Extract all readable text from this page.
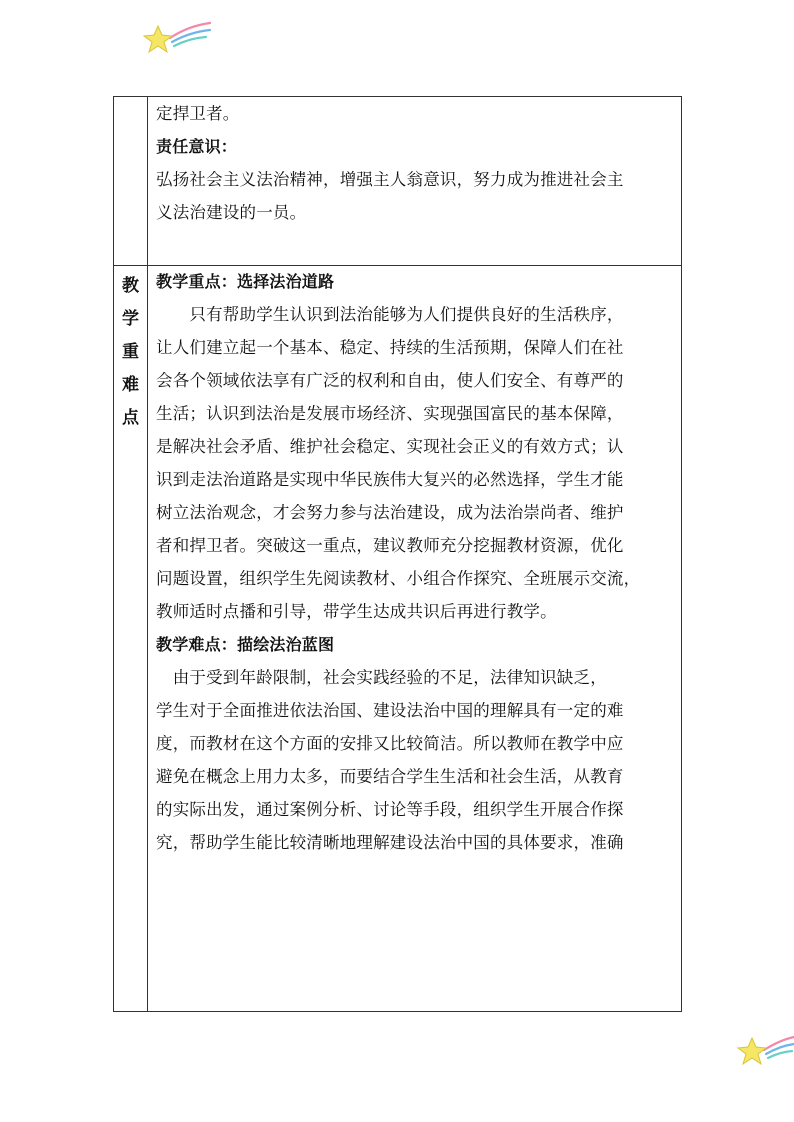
定捍卫者。
责任意识：
弘扬社会主义法治精神，增强主人翁意识，努力成为推进社会主
义法治建设的一员。
教
学
重
难
点
教学重点：选择法治道路
　　只有帮助学生认识到法治能够为人们提供良好的生活秩序，
让人们建立起一个基本、稳定、持续的生活预期，保障人们在社
会各个领域依法享有广泛的权利和自由，使人们安全、有尊严的
生活；认识到法治是发展市场经济、实现强国富民的基本保障，
是解决社会矛盾、维护社会稳定、实现社会正义的有效方式；认
识到走法治道路是实现中华民族伟大复兴的必然选择，学生才能
树立法治观念，才会努力参与法治建设，成为法治崇尚者、维护
者和捍卫者。突破这一重点，建议教师充分挖掘教材资源，优化
问题设置，组织学生先阅读教材、小组合作探究、全班展示交流，
教师适时点播和引导，带学生达成共识后再进行教学。
教学难点：描绘法治蓝图
　由于受到年龄限制，社会实践经验的不足，法律知识缺乏，
学生对于全面推进依法治国、建设法治中国的理解具有一定的难
度，而教材在这个方面的安排又比较简洁。所以教师在教学中应
避免在概念上用力太多，而要结合学生生活和社会生活，从教育
的实际出发，通过案例分析、讨论等手段，组织学生开展合作探
究，帮助学生能比较清晰地理解建设法治中国的具体要求，准确
